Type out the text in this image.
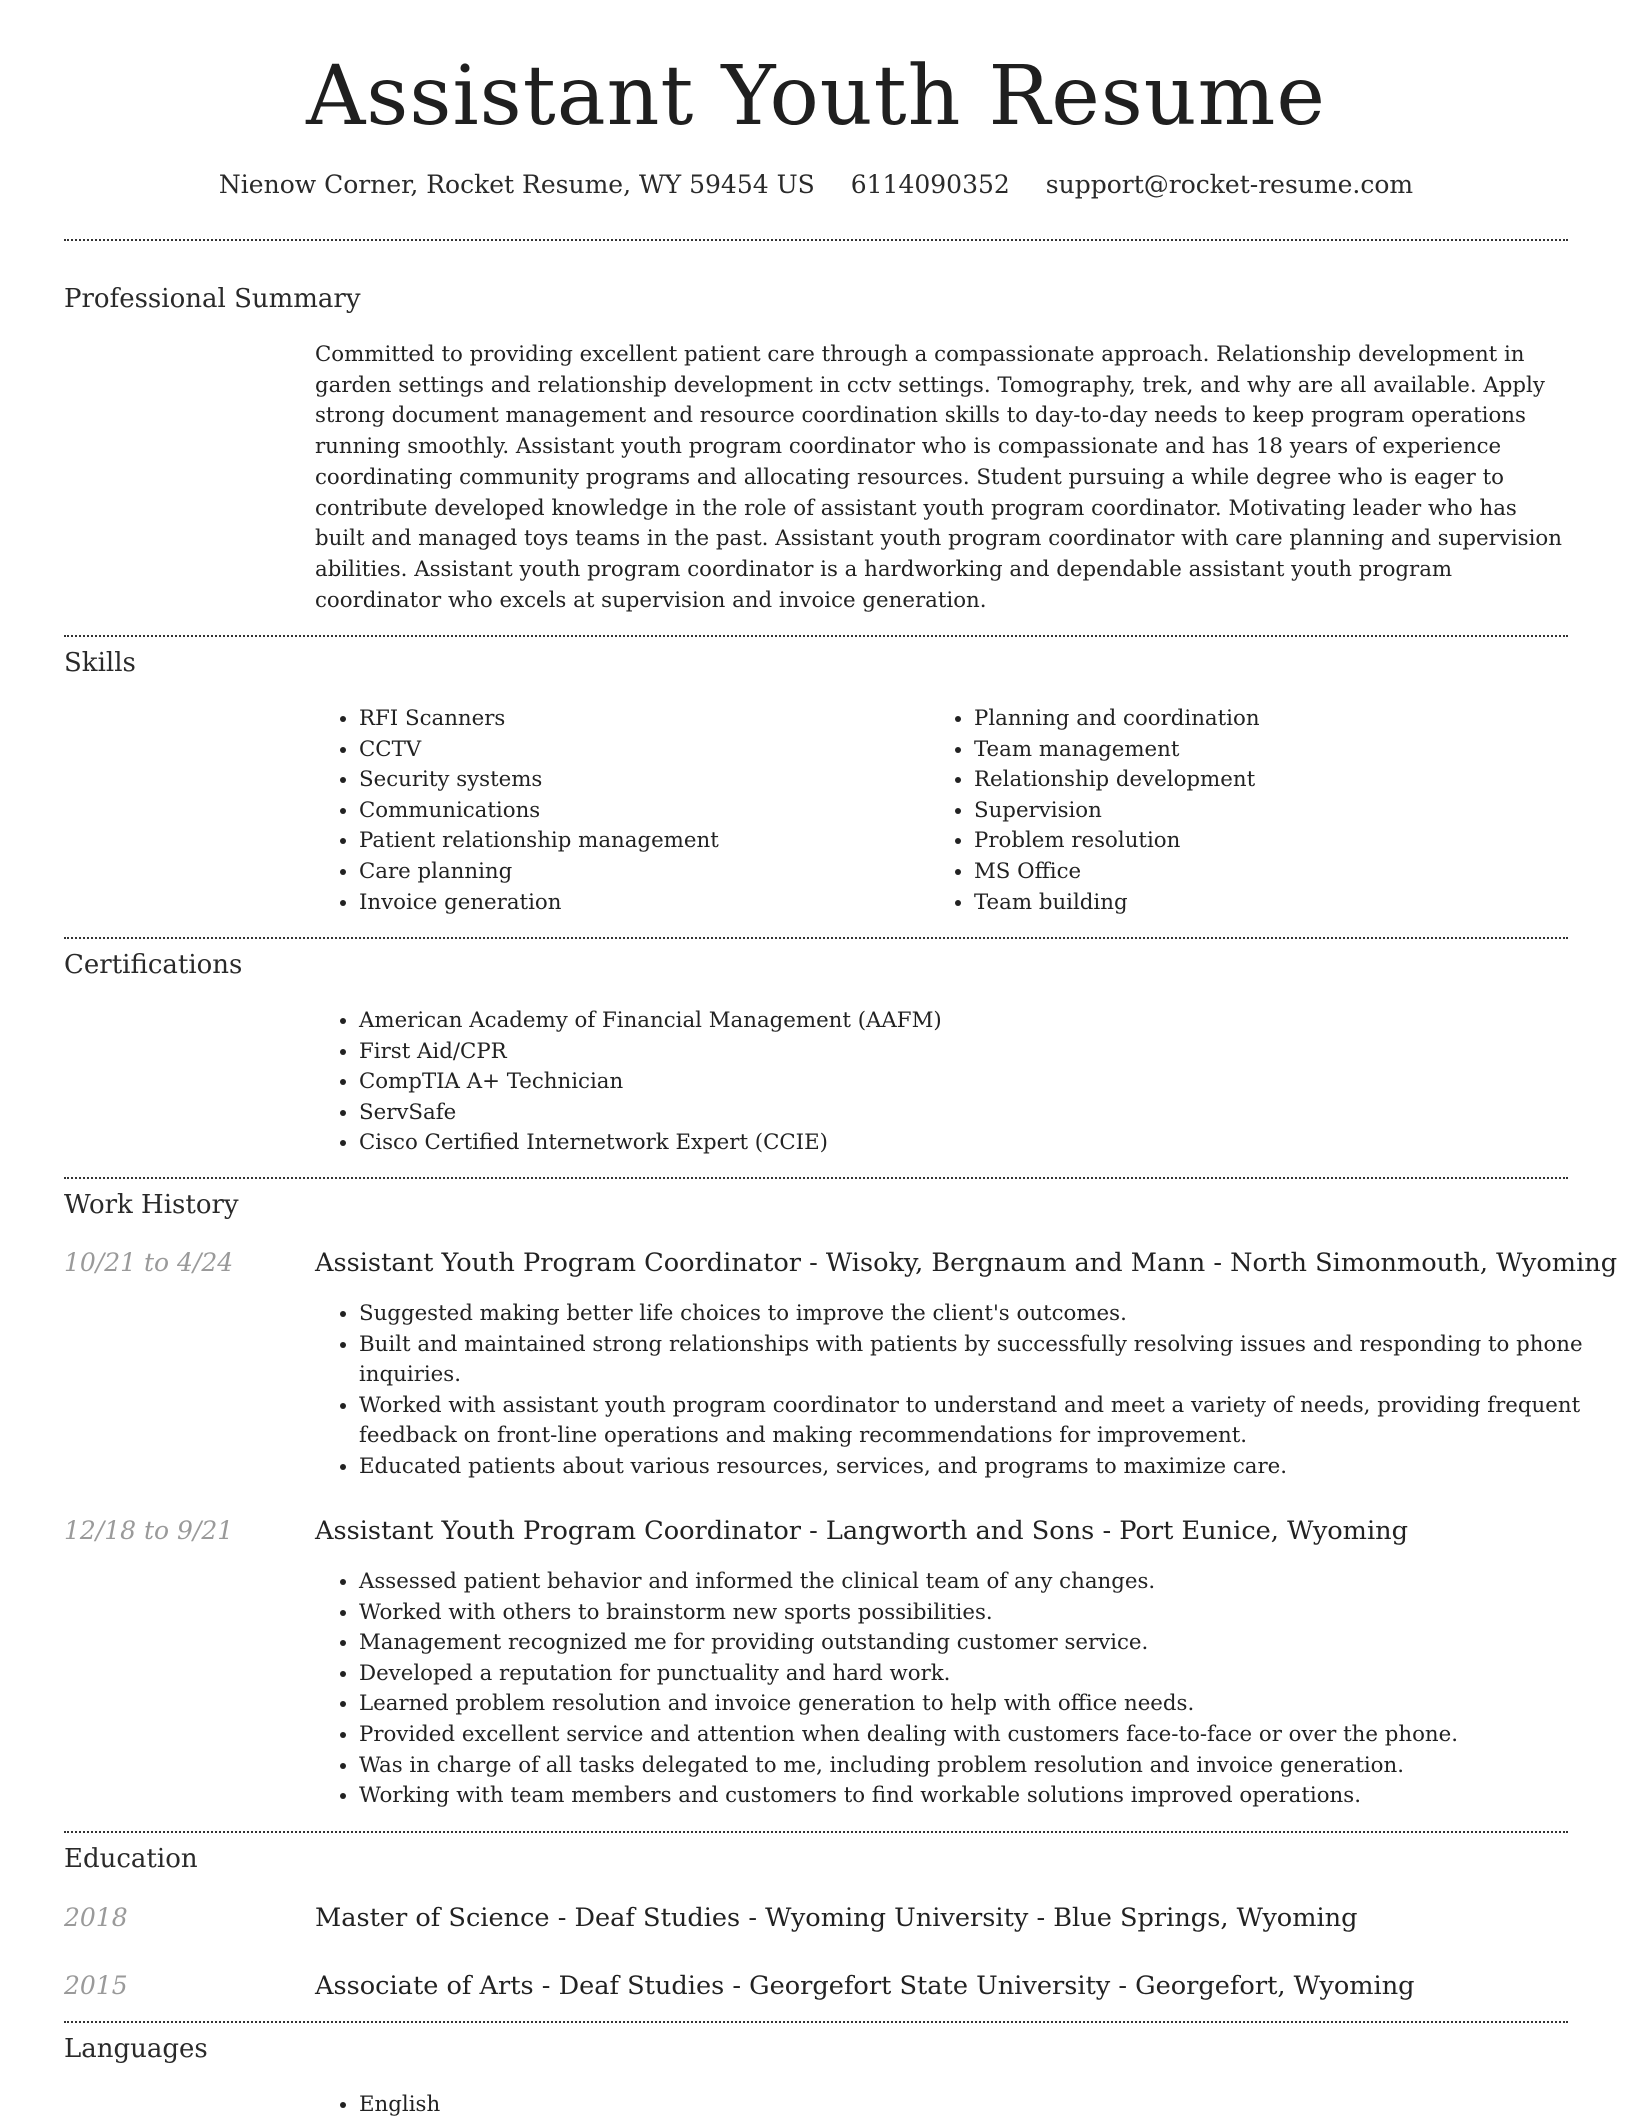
Assistant Youth Resume
Nienow Corner, Rocket Resume, WY 59454 US 6114090352 support@rocket-resume.com
Professional Summary

Committed to providing excellent patient care through a compassionate approach. Relationship development in garden settings and relationship development in cctv settings. Tomography, trek, and why are all available. Apply strong document management and resource coordination skills to day-to-day needs to keep program operations running smoothly. Assistant youth program coordinator who is compassionate and has 18 years of experience coordinating community programs and allocating resources. Student pursuing a while degree who is eager to contribute developed knowledge in the role of assistant youth program coordinator. Motivating leader who has built and managed toys teams in the past. Assistant youth program coordinator with care planning and supervision abilities. Assistant youth program coordinator is a hardworking and dependable assistant youth program coordinator who excels at supervision and invoice generation.

Skills
• RFI Scanners
• CCTV
• Security systems
• Communications
• Patient relationship management
• Care planning
• Invoice generation
• Planning and coordination
• Team management
• Relationship development
• Supervision
• Problem resolution
• MS Office
• Team building
Certifications
• American Academy of Financial Management (AAFM)
• First Aid/CPR
• CompTIA A+ Technician
• ServSafe
• Cisco Certified Internetwork Expert (CCIE)
Work History
10/21 to 4/24	Assistant Youth Program Coordinator - Wisoky, Bergnaum and Mann - North Simonmouth, Wyoming
• Suggested making better life choices to improve the client's outcomes.
• Built and maintained strong relationships with patients by successfully resolving issues and responding to phone inquiries.
• Worked with assistant youth program coordinator to understand and meet a variety of needs, providing frequent feedback on front-line operations and making recommendations for improvement.
• Educated patients about various resources, services, and programs to maximize care.
12/18 to 9/21	Assistant Youth Program Coordinator - Langworth and Sons - Port Eunice, Wyoming
• Assessed patient behavior and informed the clinical team of any changes.
• Worked with others to brainstorm new sports possibilities.
• Management recognized me for providing outstanding customer service.
• Developed a reputation for punctuality and hard work.
• Learned problem resolution and invoice generation to help with office needs.
• Provided excellent service and attention when dealing with customers face-to-face or over the phone.
• Was in charge of all tasks delegated to me, including problem resolution and invoice generation.
• Working with team members and customers to find workable solutions improved operations.
Education
2018	Master of Science - Deaf Studies - Wyoming University - Blue Springs, Wyoming
2015	Associate of Arts - Deaf Studies - Georgefort State University - Georgefort, Wyoming
Languages
• English
